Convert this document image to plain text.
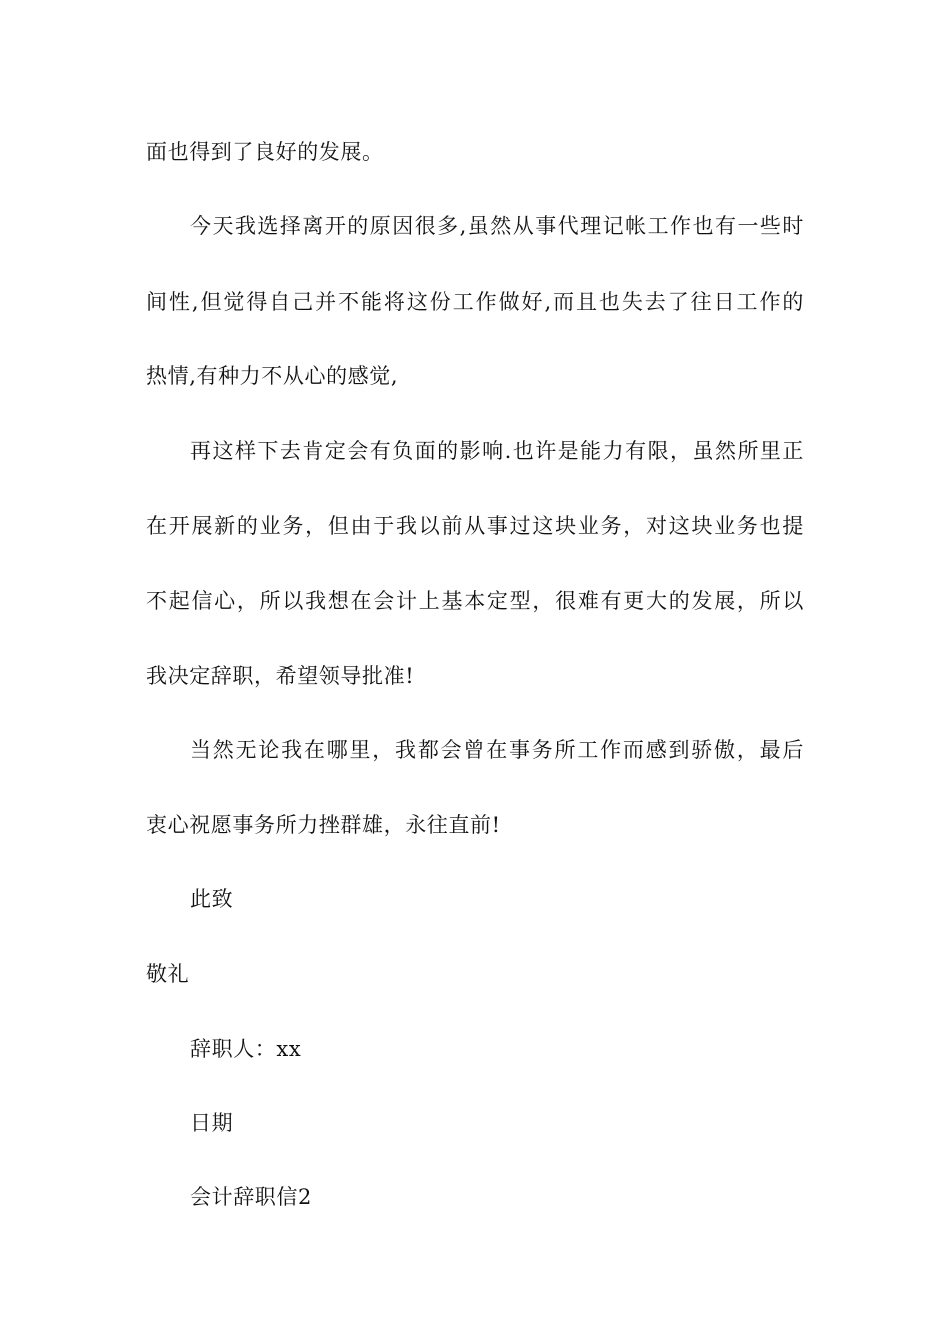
面也得到了良好的发展。
今天我选择离开的原因很多,虽然从事代理记帐工作也有一些时
间性,但觉得自己并不能将这份工作做好,而且也失去了往日工作的
热情,有种力不从心的感觉,
再这样下去肯定会有负面的影响.也许是能力有限，虽然所里正
在开展新的业务，但由于我以前从事过这块业务，对这块业务也提
不起信心，所以我想在会计上基本定型，很难有更大的发展，所以
我决定辞职，希望领导批准!
当然无论我在哪里，我都会曾在事务所工作而感到骄傲，最后
衷心祝愿事务所力挫群雄，永往直前!
此致
敬礼
辞职人：xx
日期
会计辞职信2
